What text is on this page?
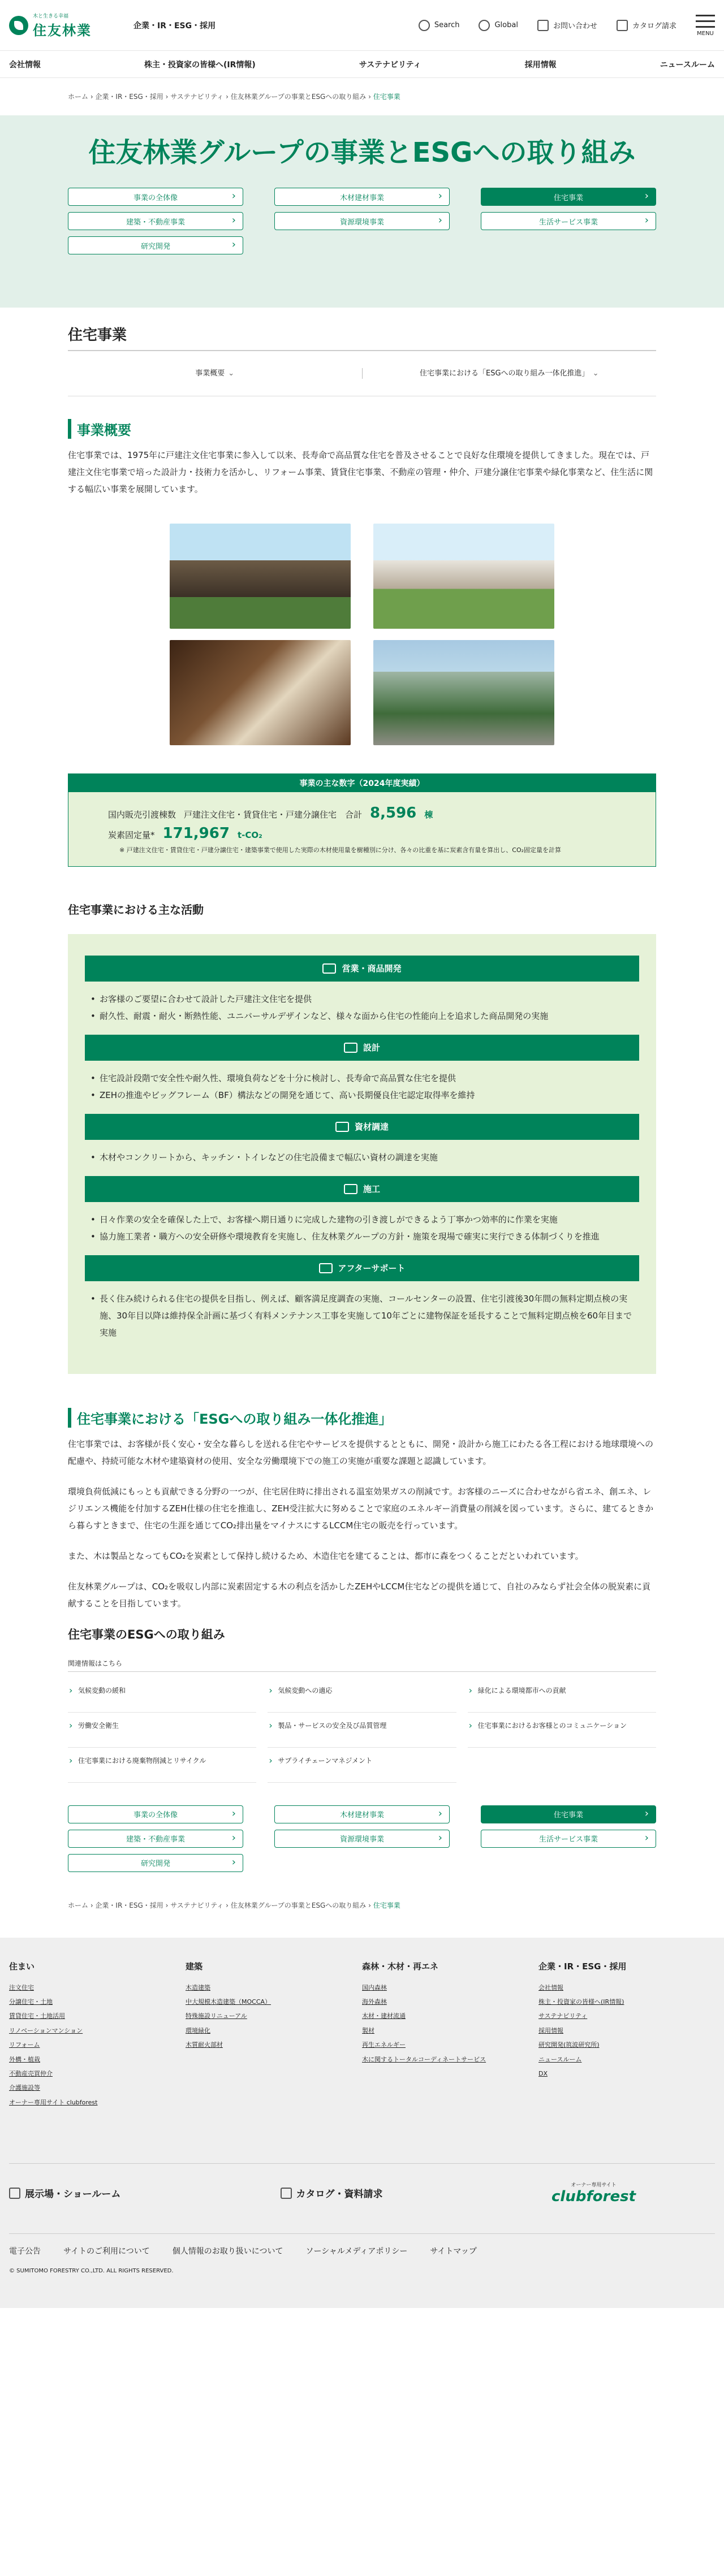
木と生きる幸福
住友林業	企業・IR・ESG・採用	Search	Global	お問い合わせ	カタログ請求
MENU
会社情報	株主・投資家の皆様へ(IR情報)	サステナビリティ	採用情報	ニュースルーム
ホーム › 企業・IR・ESG・採用 › サステナビリティ › 住友林業グループの事業とESGへの取り組み › 住宅事業
住友林業グループの事業とESGへの取り組み
事業の全体像 ›	木材建材事業 ›	住宅事業 ›
建築・不動産事業 ›	資源環境事業 ›	生活サービス事業 ›
研究開発 ›
住宅事業
事業概要 ⌄	住宅事業における「ESGへの取り組み一体化推進」 ⌄
事業概要

住宅事業では、1975年に戸建注文住宅事業に参入して以来、長寿命で高品質な住宅を普及させることで良好な住環境を提供してきました。現在では、戸建注文住宅事業で培った設計力・技術力を活かし、リフォーム事業、賃貸住宅事業、不動産の管理・仲介、戸建分譲住宅事業や緑化事業など、住生活に関する幅広い事業を展開しています。

事業の主な数字（2024年度実績）
国内販売引渡棟数 戸建注文住宅・賃貸住宅・戸建分譲住宅　合計 8,596 棟
炭素固定量* 171,967 t-CO₂

※ 戸建注文住宅・賃貸住宅・戸建分譲住宅・建築事業で使用した実際の木材使用量を樹種別に分け、各々の比重を基に炭素含有量を算出し、CO₂固定量を計算

住宅事業における主な活動
営業・商品開発
• お客様のご要望に合わせて設計した戸建注文住宅を提供
• 耐久性、耐震・耐火・断熱性能、ユニバーサルデザインなど、様々な面から住宅の性能向上を追求した商品開発の実施
設計
• 住宅設計段階で安全性や耐久性、環境負荷などを十分に検討し、長寿命で高品質な住宅を提供
• ZEHの推進やビッグフレーム（BF）構法などの開発を通じて、高い長期優良住宅認定取得率を維持
資材調達
• 木材やコンクリートから、キッチン・トイレなどの住宅設備まで幅広い資材の調達を実施
施工
• 日々作業の安全を確保した上で、お客様へ期日通りに完成した建物の引き渡しができるよう丁寧かつ効率的に作業を実施
• 協力施工業者・職方への安全研修や環境教育を実施し、住友林業グループの方針・施策を現場で確実に実行できる体制づくりを推進
アフターサポート
• 長く住み続けられる住宅の提供を目指し、例えば、顧客満足度調査の実施、コールセンターの設置、住宅引渡後30年間の無料定期点検の実施、30年目以降は維持保全計画に基づく有料メンテナンス工事を実施して10年ごとに建物保証を延長することで無料定期点検を60年目まで実施
住宅事業における「ESGへの取り組み一体化推進」

住宅事業では、お客様が長く安心・安全な暮らしを送れる住宅やサービスを提供するとともに、開発・設計から施工にわたる各工程における地球環境への配慮や、持続可能な木材や建築資材の使用、安全な労働環境下での施工の実施が重要な課題と認識しています。

環境負荷低減にもっとも貢献できる分野の一つが、住宅居住時に排出される温室効果ガスの削減です。お客様のニーズに合わせながら省エネ、創エネ、レジリエンス機能を付加するZEH仕様の住宅を推進し、ZEH受注拡大に努めることで家庭のエネルギー消費量の削減を図っています。さらに、建てるときから暮らすときまで、住宅の生涯を通じてCO₂排出量をマイナスにするLCCM住宅の販売を行っています。

また、木は製品となってもCO₂を炭素として保持し続けるため、木造住宅を建てることは、都市に森をつくることだといわれています。

住友林業グループは、CO₂を吸収し内部に炭素固定する木の利点を活かしたZEHやLCCM住宅などの提供を通じて、自社のみならず社会全体の脱炭素に貢献することを目指しています。

住宅事業のESGへの取り組み
関連情報はこちら
› 気候変動の緩和	› 気候変動への適応	› 緑化による環境都市への貢献
› 労働安全衛生	› 製品・サービスの安全及び品質管理	› 住宅事業におけるお客様とのコミュニケーション
› 住宅事業における廃棄物削減とリサイクル	› サプライチェーンマネジメント
事業の全体像 ›	木材建材事業 ›	住宅事業 ›
建築・不動産事業 ›	資源環境事業 ›	生活サービス事業 ›
研究開発 ›
ホーム › 企業・IR・ESG・採用 › サステナビリティ › 住友林業グループの事業とESGへの取り組み › 住宅事業
住まい
注文住宅
分譲住宅・土地
賃貸住宅・土地活用
リノベーションマンション
リフォーム
外構・植栽
不動産売買仲介
介護施設等
オーナー専用サイト clubforest
建築
木造建築
中大規模木造建築（MOCCA）
特殊施設リニューアル
環境緑化
木質耐火部材
森林・木材・再エネ
国内森林
海外森林
木材・建材流通
製材
再生エネルギー
木に関するトータルコーディネートサービス
企業・IR・ESG・採用
会社情報
株主・投資家の皆様へ(IR情報)
サステナビリティ
採用情報
研究開発(筑波研究所)
ニュースルーム
DX
展示場・ショールーム	カタログ・資料請求
オーナー専用サイト
clubforest
電子公告	サイトのご利用について	個人情報のお取り扱いについて	ソーシャルメディアポリシー	サイトマップ

© SUMITOMO FORESTRY CO.,LTD. ALL RIGHTS RESERVED.
